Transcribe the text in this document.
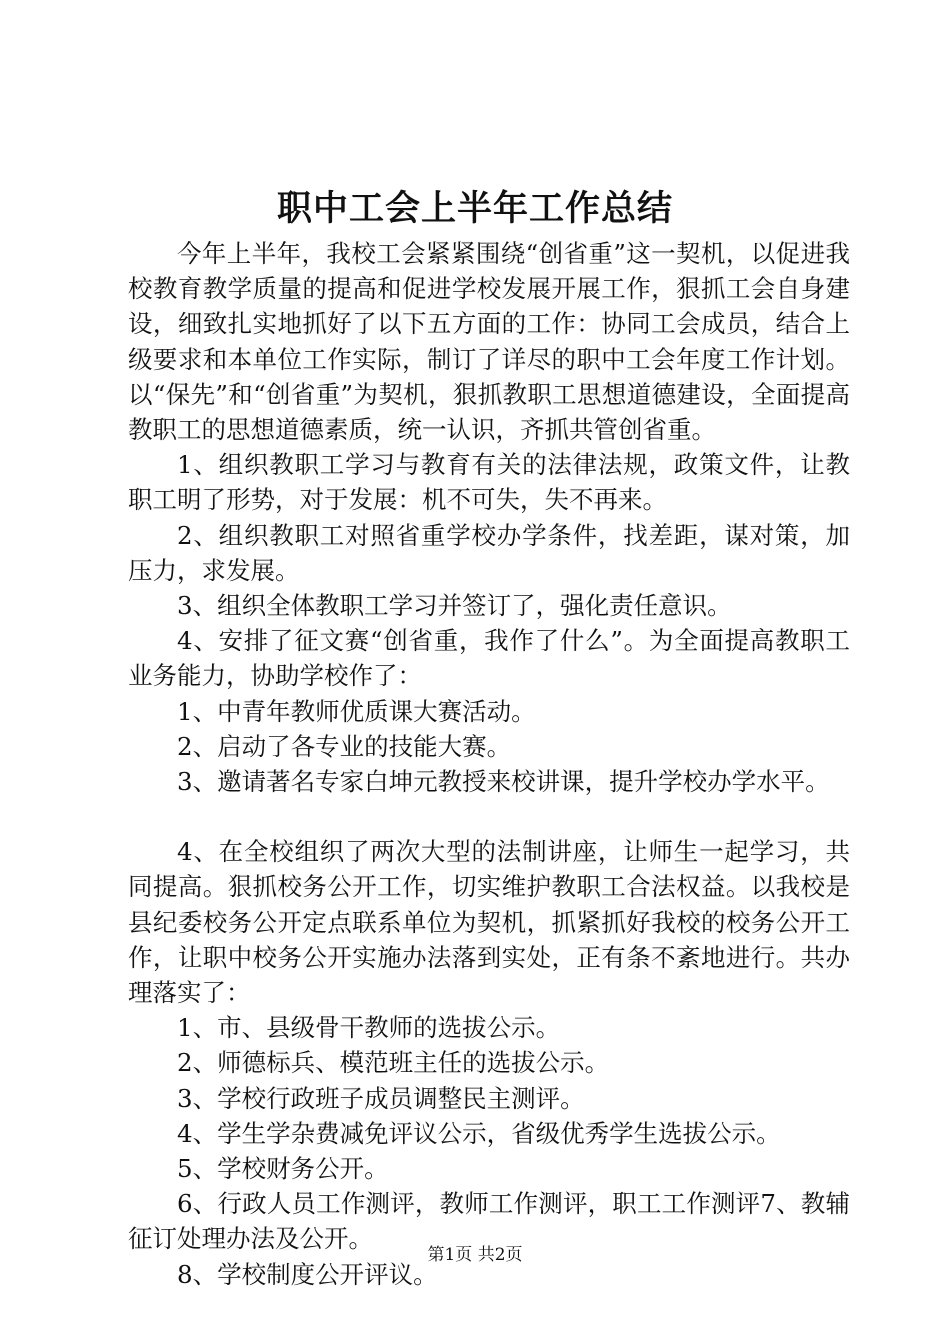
职中工会上半年工作总结

今年上半年，我校工会紧紧围绕“创省重”这一契机，以促进我校教育教学质量的提高和促进学校发展开展工作，狠抓工会自身建设，细致扎实地抓好了以下五方面的工作：协同工会成员，结合上级要求和本单位工作实际，制订了详尽的职中工会年度工作计划。以“保先”和“创省重”为契机，狠抓教职工思想道德建设，全面提高教职工的思想道德素质，统一认识，齐抓共管创省重。

1、组织教职工学习与教育有关的法律法规，政策文件，让教职工明了形势，对于发展：机不可失，失不再来。

2、组织教职工对照省重学校办学条件，找差距，谋对策，加压力，求发展。

3、组织全体教职工学习并签订了，强化责任意识。

4、安排了征文赛“创省重，我作了什么”。为全面提高教职工业务能力，协助学校作了：

1、中青年教师优质课大赛活动。

2、启动了各专业的技能大赛。

3、邀请著名专家白坤元教授来校讲课，提升学校办学水平。

4、在全校组织了两次大型的法制讲座，让师生一起学习，共同提高。狠抓校务公开工作，切实维护教职工合法权益。以我校是县纪委校务公开定点联系单位为契机，抓紧抓好我校的校务公开工作，让职中校务公开实施办法落到实处，正有条不紊地进行。共办理落实了：

1、市、县级骨干教师的选拔公示。

2、师德标兵、模范班主任的选拔公示。

3、学校行政班子成员调整民主测评。

4、学生学杂费减免评议公示，省级优秀学生选拔公示。

5、学校财务公开。

6、行政人员工作测评，教师工作测评，职工工作测评7、教辅征订处理办法及公开。

8、学校制度公开评议。

第1页 共2页
